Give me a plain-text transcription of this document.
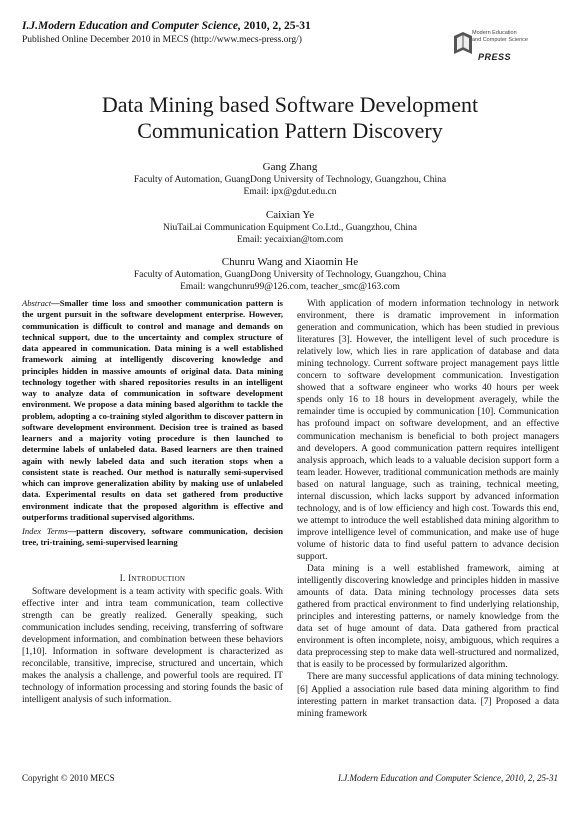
I.J.Modern Education and Computer Science, 2010, 2, 25-31
Published Online December 2010 in MECS (http://www.mecs-press.org/)
Modern Education
and Computer Science
PRESS
Data Mining based Software Development
Communication Pattern Discovery
Gang Zhang
Faculty of Automation, GuangDong University of Technology, Guangzhou, China
Email: ipx@gdut.edu.cn
Caixian Ye
NiuTaiLai Communication Equipment Co.Ltd., Guangzhou, China
Email: yecaixian@tom.com
Chunru Wang and Xiaomin He
Faculty of Automation, GuangDong University of Technology, Guangzhou, China
Email: wangchunru99@126.com, teacher_smc@163.com
Abstract—Smaller time loss and smoother communication pattern is the urgent pursuit in the software development enterprise. However, communication is difficult to control and manage and demands on technical support, due to the uncertainty and complex structure of data appeared in communication. Data mining is a well established framework aiming at intelligently discovering knowledge and principles hidden in massive amounts of original data. Data mining technology together with shared repositories results in an intelligent way to analyze data of communication in software development environment. We propose a data mining based algorithm to tackle the problem, adopting a co-training styled algorithm to discover pattern in software development environment. Decision tree is trained as based learners and a majority voting procedure is then launched to determine labels of unlabeled data. Based learners are then trained again with newly labeled data and such iteration stops when a consistent state is reached. Our method is naturally semi-supervised which can improve generalization ability by making use of unlabeled data. Experimental results on data set gathered from productive environment indicate that the proposed algorithm is effective and outperforms traditional supervised algorithms.
Index Terms—pattern discovery, software communication, decision tree, tri-training, semi-supervised learning
I. INTRODUCTION

Software development is a team activity with specific goals. With effective inter and intra team communication, team collective strength can be greatly realized. Generally speaking, such communication includes sending, receiving, transferring of software development information, and combination between these behaviors [1,10]. Information in software development is characterized as reconcilable, transitive, imprecise, structured and uncertain, which makes the analysis a challenge, and powerful tools are required. IT technology of information processing and storing founds the basic of intelligent analysis of such information.

With application of modern information technology in network environment, there is dramatic improvement in information generation and communication, which has been studied in previous literatures [3]. However, the intelligent level of such procedure is relatively low, which lies in rare application of database and data mining technology. Current software project management pays little concern to software development communication. Investigation showed that a software engineer who works 40 hours per week spends only 16 to 18 hours in development averagely, while the remainder time is occupied by communication [10]. Communication has profound impact on software development, and an effective communication mechanism is beneficial to both project managers and developers. A good communication pattern requires intelligent analysis approach, which leads to a valuable decision support form a team leader. However, traditional communication methods are mainly based on natural language, such as training, technical meeting, internal discussion, which lacks support by advanced information technology, and is of low efficiency and high cost. Towards this end, we attempt to introduce the well established data mining algorithm to improve intelligence level of communication, and make use of huge volume of historic data to find useful pattern to advance decision support.

Data mining is a well established framework, aiming at intelligently discovering knowledge and principles hidden in massive amounts of data. Data mining technology processes data sets gathered from practical environment to find underlying relationship, principles and interesting patterns, or namely knowledge from the data set of huge amount of data. Data gathered from practical environment is often incomplete, noisy, ambiguous, which requires a data preprocessing step to make data well-structured and normalized, that is easily to be processed by formularized algorithm.

There are many successful applications of data mining technology. [6] Applied a association rule based data mining algorithm to find interesting pattern in market transaction data. [7] Proposed a data mining framework

Copyright © 2010 MECS	I.J.Modern Education and Computer Science, 2010, 2, 25-31
